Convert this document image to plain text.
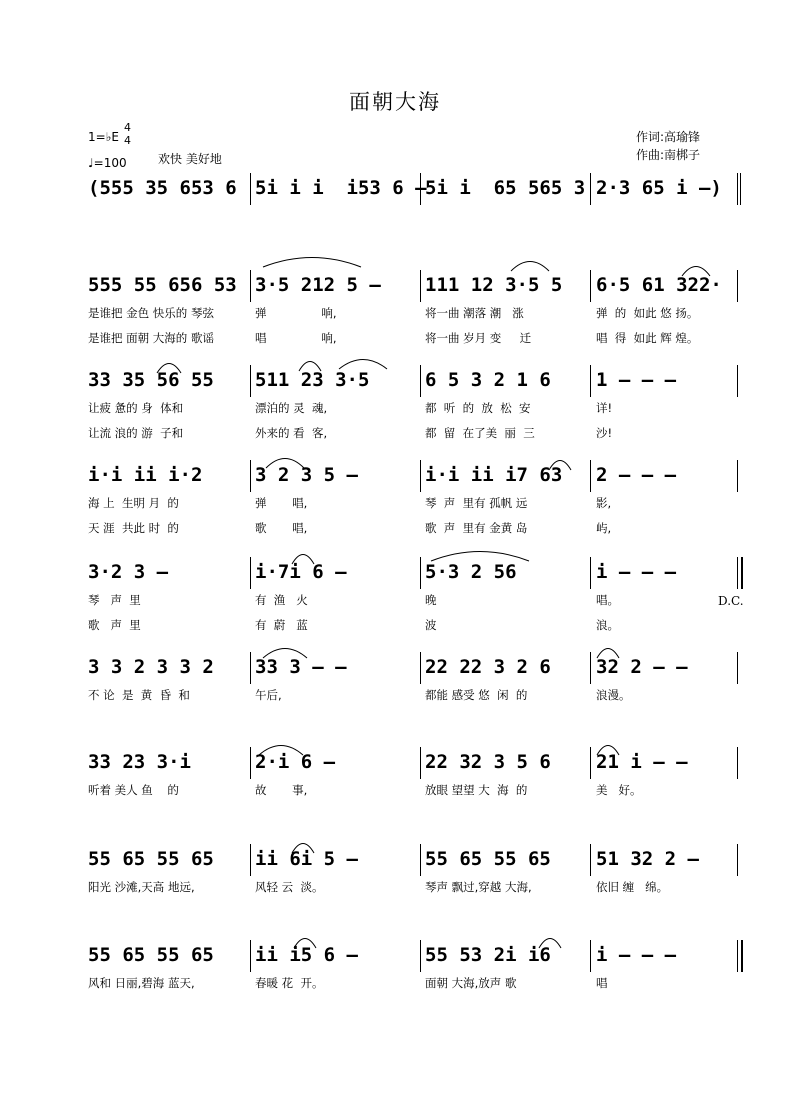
面朝大海
1=♭E
4
4
♩=100	欢快 美好地
作词:高瑜锋
作曲:南梆子
D.C.
(555 35 653 6 5i i i  i53 6 –
5i i  65 565 3 2·3 65 i –)
555 55 656 53 3·5 212 5 – 111 12 3·5 5 6·5 61 322·
是谁把 金色 快乐的 琴弦	弹               响,	将一曲 潮落 潮   涨	弹  的  如此 悠 扬。
是谁把 面朝 大海的 歌谣	唱               响,	将一曲 岁月 变     迁	唱  得  如此 辉 煌。
33 35 56 55 511 23 3·5	6 5 3 2 1 6 1 – – –
让疲 惫的 身  体和	漂泊的 灵  魂,	都  听  的  放  松  安	详!
让流 浪的 游  子和	外来的 看  客,	都  留  在了美  丽  三	沙!
i·i ii i·2	3 2 3 5 –	i·i ii i7 63 2 – – –
海 上  生明 月  的	弹       唱,	琴  声  里有 孤帆 远	影,
天 涯  共此 时  的	歌       唱,	歌  声  里有 金黄 岛	屿,
3·2 3 –	i·7i 6 –	5·3 2 56	i – – –
琴   声  里	有  渔   火	晚	唱。
歌   声  里	有  蔚   蓝	波	浪。
3 3 2 3 3 2 33 3 – –	22 22 3 2 6 32 2 – –
不 论  是  黄  昏  和	午后,	都能 感受 悠  闲  的	浪漫。
33 23 3·i	2·i 6 –	22 32 3 5 6 21 i – –
听着 美人 鱼    的	故       事,	放眼 望望 大  海  的	美   好。
55 65 55 65 ii 6i 5 –	55 65 55 65 51 32 2 –
阳光 沙滩,天高 地远,	风轻 云  淡。	琴声 飘过,穿越 大海,	依旧 缠   绵。
55 65 55 65 ii i5 6 –	55 53 2i i6 i – – –
风和 日丽,碧海 蓝天,	春暖 花  开。	面朝 大海,放声 歌	唱
